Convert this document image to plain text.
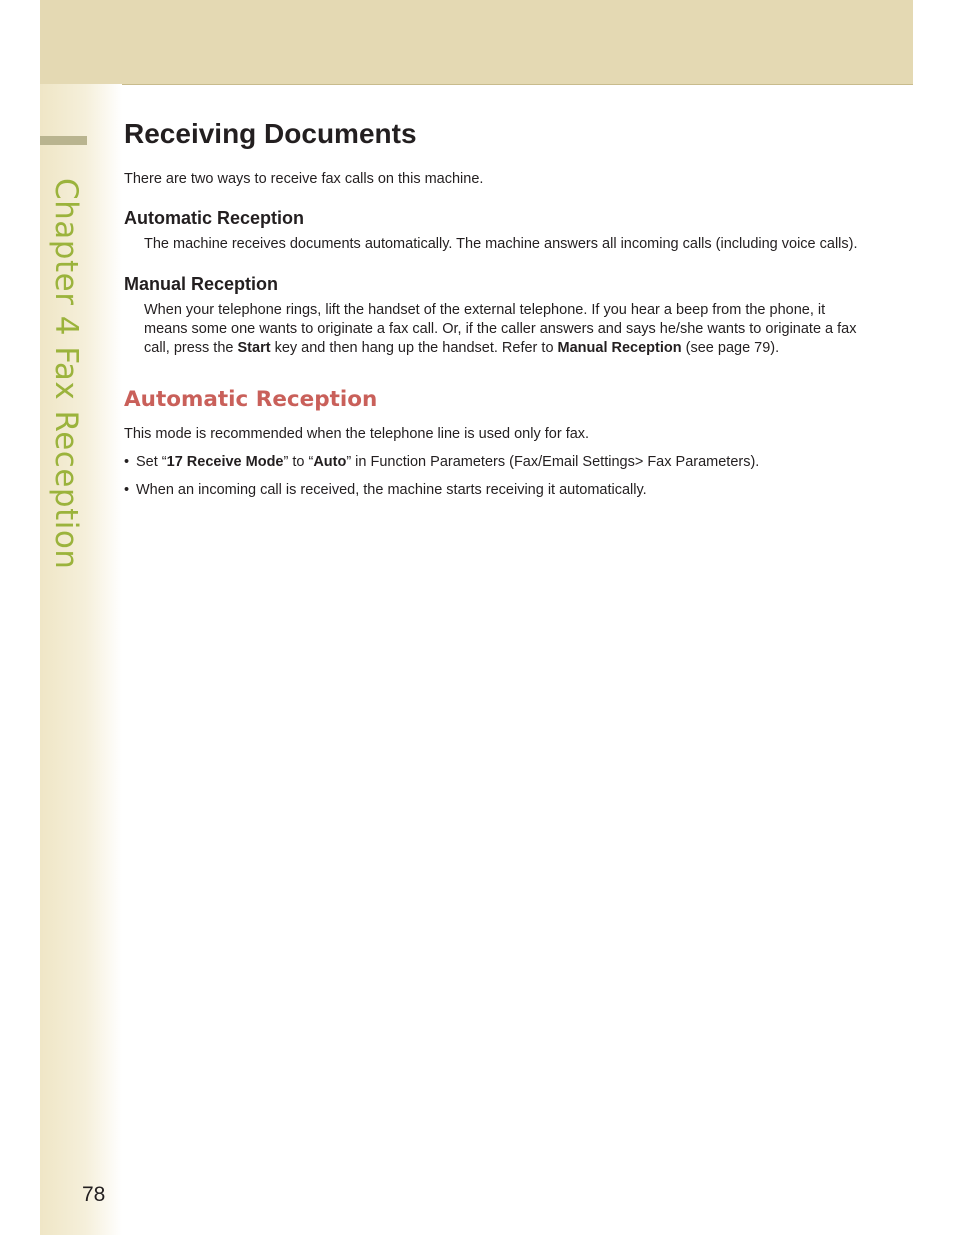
Chapter 4 Fax Reception
Receiving Documents

There are two ways to receive fax calls on this machine.

Automatic Reception

The machine receives documents automatically. The machine answers all incoming calls (including voice calls).

Manual Reception

When your telephone rings, lift the handset of the external telephone. If you hear a beep from the phone, it means some one wants to originate a fax call. Or, if the caller answers and says he/she wants to originate a fax call, press the Start key and then hang up the handset. Refer to Manual Reception (see page 79).

Automatic Reception

This mode is recommended when the telephone line is used only for fax.

• Set “17 Receive Mode” to “Auto” in Function Parameters (Fax/Email Settings> Fax Parameters).
• When an incoming call is received, the machine starts receiving it automatically.
78
